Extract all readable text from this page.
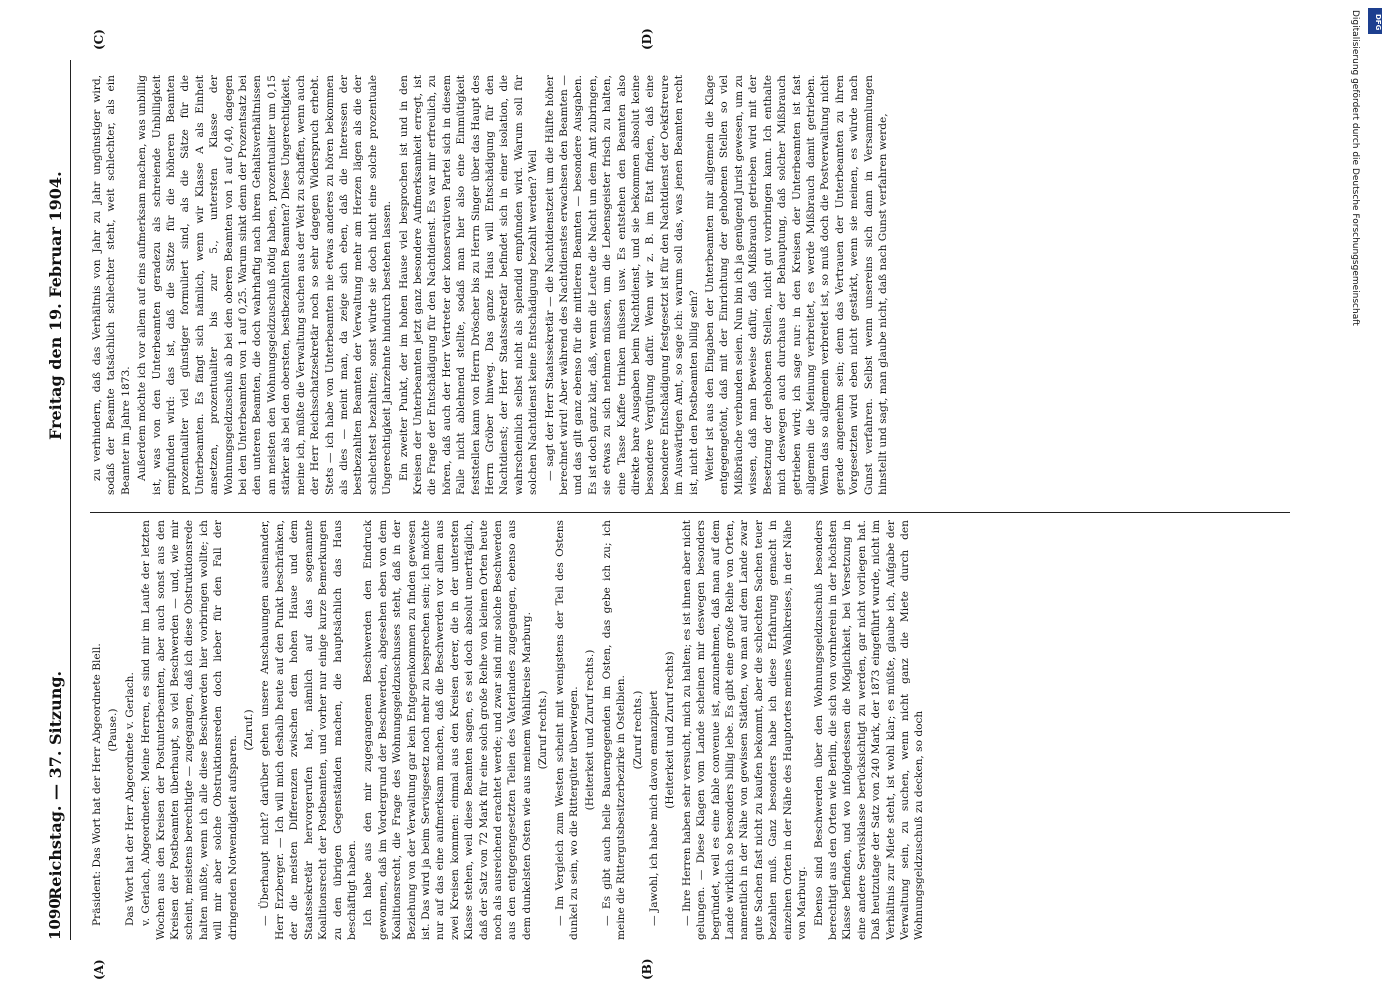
1090
Reichstag. — 37. Sitzung.
Freitag den 19. Februar 1904.
(A)	(B)
(C)	(D)

Präsident: Das Wort hat der Herr Abgeordnete Blell. (Pause.) Das Wort hat der Herr Abgeordnete v. Gerlach. v. Gerlach, Abgeordneter: Meine Herren, es sind mir im Laufe der letzten Wochen aus den Kreisen der Postunterbeamten, aber auch sonst aus den Kreisen der Postbeamten überhaupt, so viel Beschwerden — und, wie mir scheint, meistens berechtigte — zugegangen, daß ich diese Obstruktionsrede halten müßte, wenn ich alle diese Beschwerden hier vorbringen wollte; ich will mir aber solche Obstruktionsreden doch lieber für den Fall der dringenden Notwendigkeit aufsparen.

(Zuruf.) — Überhaupt nicht? darüber gehen unsere Anschauungen auseinander, Herr Erzberger. — Ich will mich deshalb heute auf den Punkt beschränken, der die meisten Differenzen zwischen dem hohen Hause und dem Staatssekretär hervorgerufen hat, nämlich auf das sogenannte Koalitionsrecht der Postbeamten, und vorher nur einige kurze Bemerkungen zu den übrigen Gegenständen machen, die hauptsächlich das Haus beschäftigt haben. Ich habe aus den mir zugegangenen Beschwerden den Eindruck gewonnen, daß im Vordergrund der Beschwerden, abgesehen eben von dem Koalitionsrecht, die Frage des Wohnungsgeldzuschusses steht, daß in der Beziehung von der Verwaltung gar kein Entgegenkommen zu finden gewesen ist. Das wird ja beim Servisgesetz noch mehr zu besprechen sein; ich möchte nur auf das eine aufmerksam machen, daß die Beschwerden vor allem aus zwei Kreisen kommen: einmal aus den Kreisen derer, die in der untersten Klasse stehen, weil diese Beamten sagen, es sei doch absolut unerträglich, daß der Satz von 72 Mark für eine solch große Reihe von kleinen Orten heute noch als ausreichend erachtet werde; und zwar sind mir solche Beschwerden aus den entgegengesetzten Teilen des Vaterlandes zugegangen, ebenso aus dem dunkelsten Osten wie aus meinem Wahlkreise Marburg. (Zuruf rechts.) — Im Vergleich zum Westen scheint mit wenigstens der Teil des Ostens dunkel zu sein, wo die Rittergüter überwiegen. (Heiterkeit und Zuruf rechts.) — Es gibt auch helle Bauerngegenden im Osten, das gebe ich zu; ich meine die Rittergutsbesitzerbezirke in Ostelbien. (Zuruf rechts.) — Jawohl, ich habe mich davon emanzipiert (Heiterkeit und Zuruf rechts) — Ihre Herren haben sehr versucht, mich zu halten; es ist ihnen aber nicht gelungen. — Diese Klagen vom Lande scheinen mir deswegen besonders begründet, weil es eine fable convenue ist, anzunehmen, daß man auf dem Lande wirklich so besonders billig lebe. Es gibt eine große Reihe von Orten, namentlich in der Nähe von gewissen Städten, wo man auf dem Lande zwar gute Sachen fast nicht zu kaufen bekommt, aber die schlechten Sachen teuer bezahlen muß. Ganz besonders habe ich diese Erfahrung gemacht in einzelnen Orten in der Nähe des Hauptortes meines Wahlkreises, in der Nähe von Marburg. Ebenso sind Beschwerden über den Wohnungsgeldzuschuß besonders berechtigt aus den Orten wie Berlin, die sich von vornherein in der höchsten Klasse befinden, und wo infolgedessen die Möglichkeit, bei Versetzung in eine andere Servisklasse berücksichtigt zu werden, gar nicht vorliegen hat. Daß heutzutage der Satz von 240 Mark, der 1873 eingeführt wurde, nicht im Verhältnis zur Miete steht, ist wohl klar; es müßte, glaube ich, Aufgabe der Verwaltung sein, zu suchen, wenn nicht ganz die Miete durch den Wohnungsgeldzuschuß zu decken, so doch

zu verhindern, daß das Verhältnis von Jahr zu Jahr ungünstiger wird, sodaß der Beamte tatsächlich schlechter steht, weit schlechter, als ein Beamter im Jahre 1873. Außerdem möchte ich vor allem auf eins aufmerksam machen, was unbillig ist, was von den Unterbeamten geradezu als schreiende Unbilligkeit empfunden wird: das ist, daß die Sätze für die höheren Beamten prozentualiter viel günstiger formuliert sind, als die Sätze für die Unterbeamten. Es fängt sich nämlich, wenn wir Klasse A als Einheit ansetzen, prozentualiter bis zur 5., untersten Klasse der Wohnungsgeldzuschuß ab bei den oberen Beamten von 1 auf 0,40, dagegen bei den Unterbeamten von 1 auf 0,25. Warum sinkt denn der Prozentsatz bei den unteren Beamten, die doch wahrhaftig nach ihren Gehaltsverhältnissen am meisten den Wohnungsgeldzuschuß nötig haben, prozentualiter um 0,15 stärker als bei den obersten, bestbezahlten Beamten? Diese Ungerechtigkeit, meine ich, müßte die Verwaltung suchen aus der Welt zu schaffen, wenn auch der Herr Reichsschatzsekretär noch so sehr dagegen Widerspruch erhebt. Stets — ich habe von Unterbeamten nie etwas anderes zu hören bekommen als dies — meint man, da zeige sich eben, daß die Interessen der bestbezahlten Beamten der Verwaltung mehr am Herzen lägen als die der schlechtest bezahlten; sonst würde sie doch nicht eine solche prozentuale Ungerechtigkeit Jahrzehnte hindurch bestehen lassen. Ein zweiter Punkt, der im hohen Hause viel besprochen ist und in den Kreisen der Unterbeamten jetzt ganz besondere Aufmerksamkeit erregt, ist die Frage der Entschädigung für den Nachtdienst. Es war mir erfreulich, zu hören, daß auch der Herr Vertreter der konservativen Partei sich in diesem Falle nicht ablehnend stellte, sodaß man hier also eine Einmütigkeit feststellen kann von Herrn Dröscher bis zu Herrn Singer über das Haupt des Herrn Gröber hinweg. Das ganze Haus will Entschädigung für den Nachtdienst; der Herr Staatssekretär befindet sich in einer isolation, die wahrscheinlich selbst nicht als splendid empfunden wird. Warum soll für solchen Nachtdienst keine Entschädigung bezahlt werden? Weil — sagt der Herr Staatssekretär — die Nachtdienstzeit um die Hälfte höher berechnet wird! Aber während des Nachtdienstes erwachsen den Beamten — und das gilt ganz ebenso für die mittleren Beamten — besondere Ausgaben. Es ist doch ganz klar, daß, wenn die Leute die Nacht um dem Amt zubringen, sie etwas zu sich nehmen müssen, um die Lebensgeister frisch zu halten, eine Tasse Kaffee trinken müssen usw. Es entstehen den Beamten also direkte bare Ausgaben beim Nachtdienst, und sie bekommen absolut keine besondere Vergütung dafür. Wenn wir z. B. im Etat finden, daß eine besondere Entschädigung festgesetzt ist für den Nachtdienst der Oekfstreure im Auswärtigen Amt, so sage ich: warum soll das, was jenen Beamten recht ist, nicht den Postbeamten billig sein? Weiter ist aus den Eingaben der Unterbeamten mir allgemein die Klage entgegengetönt, daß mit der Einrichtung der gehobenen Stellen so viel Mißbräuche verbunden seien. Nun bin ich ja genügend Jurist gewesen, um zu wissen, daß man Beweise dafür, daß Mißbrauch getrieben wird mit der Besetzung der gehobenen Stellen, nicht gut vorbringen kann. Ich enthalte mich deswegen auch durchaus der Behauptung, daß solcher Mißbrauch getrieben wird; ich sage nur: in den Kreisen der Unterbeamten ist fast allgemein die Meinung verbreitet, es werde Mißbrauch damit getrieben. Wenn das so allgemein verbreitet ist, so muß doch die Postverwaltung nicht gerade angenehm sein; denn das Vertrauen der Unterbeamten zu ihren Vorgesetzten wird eben nicht gestärkt, wenn sie meinen, es würde nach Gunst verfahren. Selbst wenn unsereins sich dann in Versammlungen hinstellt und sagt, man glaube nicht, daß nach Gunst verfahren werde,

DFG
Digitalisierung gefördert durch die Deutsche Forschungsgemeinschaft
